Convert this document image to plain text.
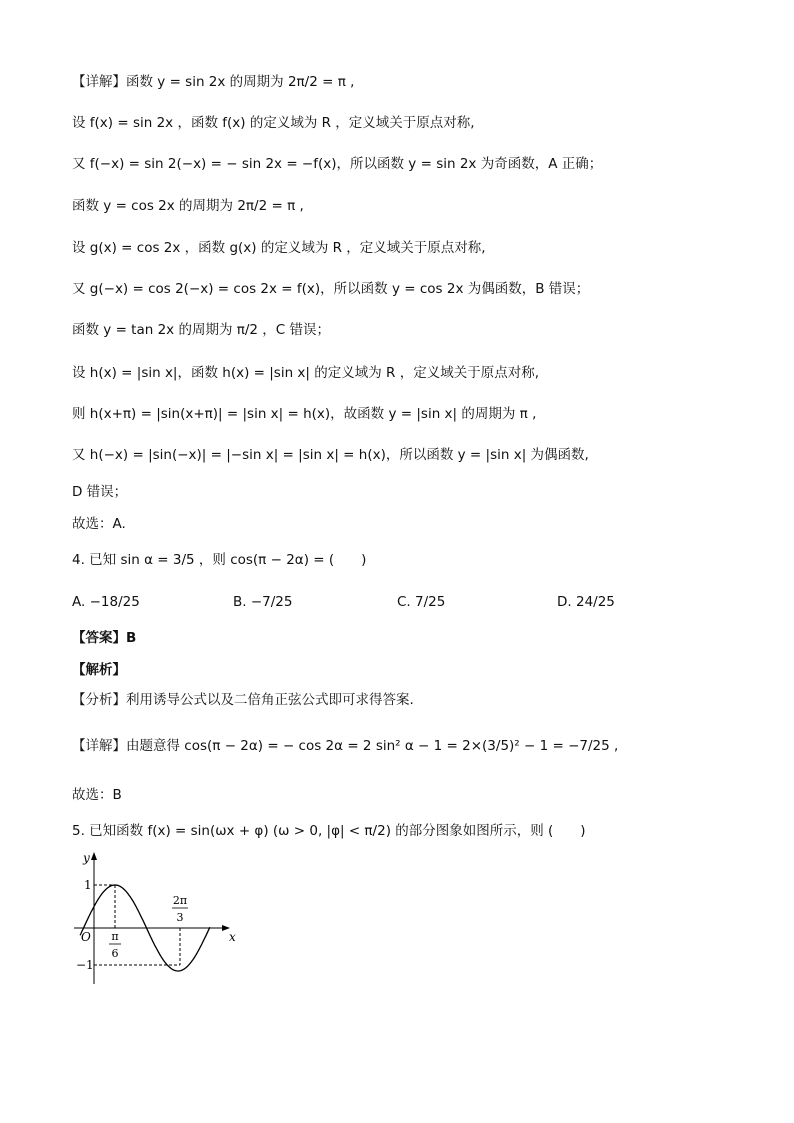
【详解】函数 y = sin 2x 的周期为 2π/2 = π ,
设 f(x) = sin 2x ，函数 f(x) 的定义域为 R ，定义域关于原点对称,
又 f(−x) = sin 2(−x) = − sin 2x = −f(x)，所以函数 y = sin 2x 为奇函数，A 正确；
函数 y = cos 2x 的周期为 2π/2 = π ,
设 g(x) = cos 2x ，函数 g(x) 的定义域为 R ，定义域关于原点对称,
又 g(−x) = cos 2(−x) = cos 2x = f(x)，所以函数 y = cos 2x 为偶函数，B 错误；
函数 y = tan 2x 的周期为 π/2 ，C 错误；
设 h(x) = |sin x|，函数 h(x) = |sin x| 的定义域为 R ，定义域关于原点对称,
则 h(x+π) = |sin(x+π)| = |sin x| = h(x)，故函数 y = |sin x| 的周期为 π ,
又 h(−x) = |sin(−x)| = |−sin x| = |sin x| = h(x)，所以函数 y = |sin x| 为偶函数,
D 错误；
故选：A.
4. 已知 sin α = 3/5 ，则 cos(π − 2α) = (　　)
A. −18/25	B. −7/25	C. 7/25	D. 24/25
【答案】B
【解析】
【分析】利用诱导公式以及二倍角正弦公式即可求得答案.
【详解】由题意得 cos(π − 2α) = − cos 2α = 2 sin² α − 1 = 2×(3/5)² − 1 = −7/25 ,
故选：B
5. 已知函数 f(x) = sin(ωx + φ) (ω > 0, |φ| < π/2) 的部分图象如图所示，则 (　　)
y
x
O
1
−1
π
6
2π
3
